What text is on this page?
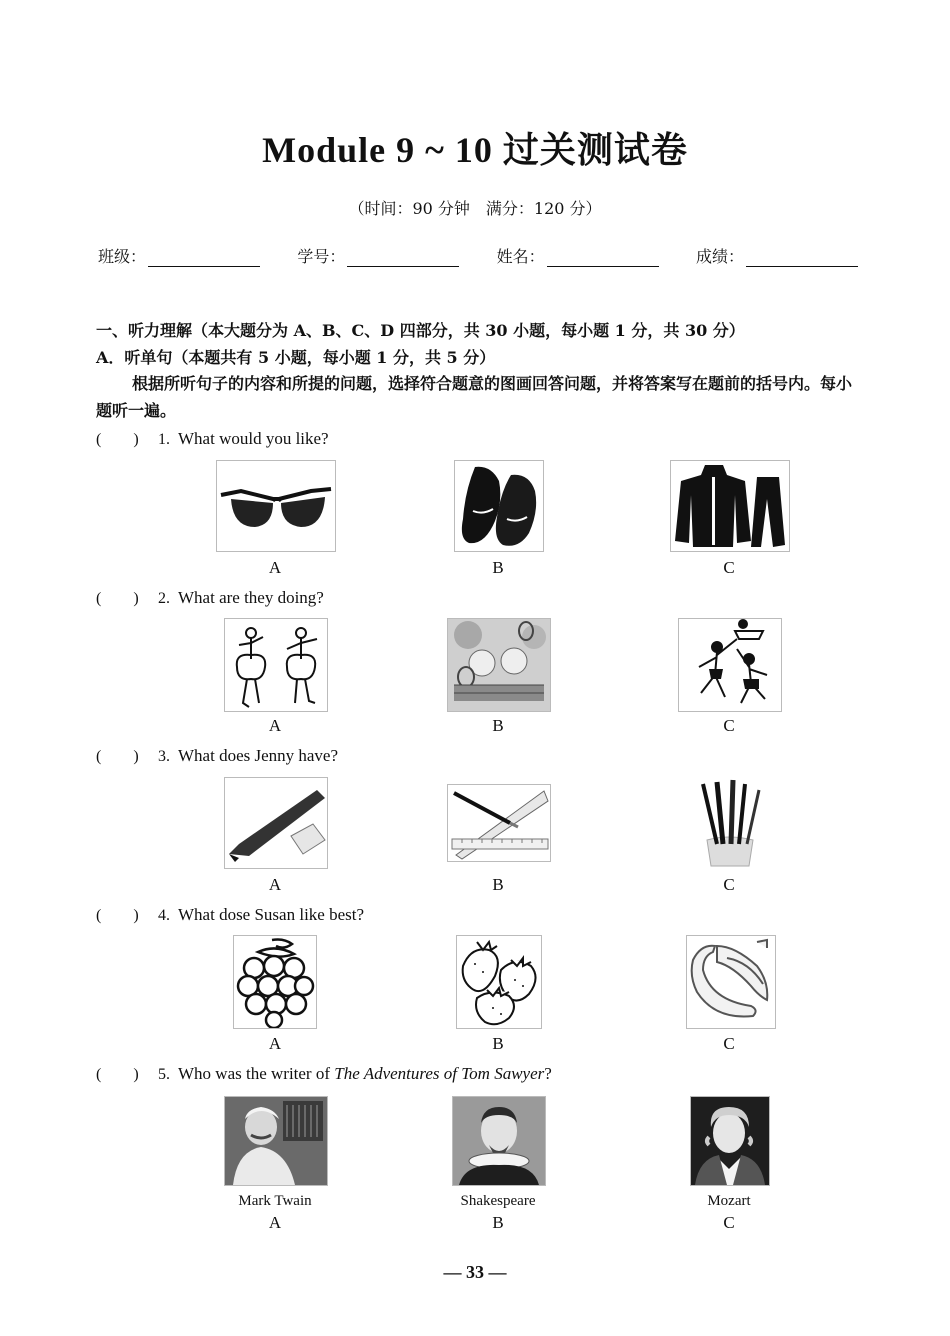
Module 9 ~ 10 过关测试卷
（时间：90 分钟　满分：120 分）
班级：	学号：	姓名：	成绩：
一、听力理解（本大题分为 A、B、C、D 四部分，共 30 小题，每小题 1 分，共 30 分）
A．听单句（本题共有 5 小题，每小题 1 分，共 5 分）
根据所听句子的内容和所提的问题，选择符合题意的图画回答问题，并将答案写在题前的括号内。每小题听一遍。
(　　) 1. What would you like?
A	B	C
(　　) 2. What are they doing?
A	B	C
(　　) 3. What does Jenny have?
A	B	C
(　　) 4. What dose Susan like best?
A	B	C
(　　) 5. Who was the writer of The Adventures of Tom Sawyer?
Mark Twain	Shakespeare	Mozart
A	B	C
— 33 —
